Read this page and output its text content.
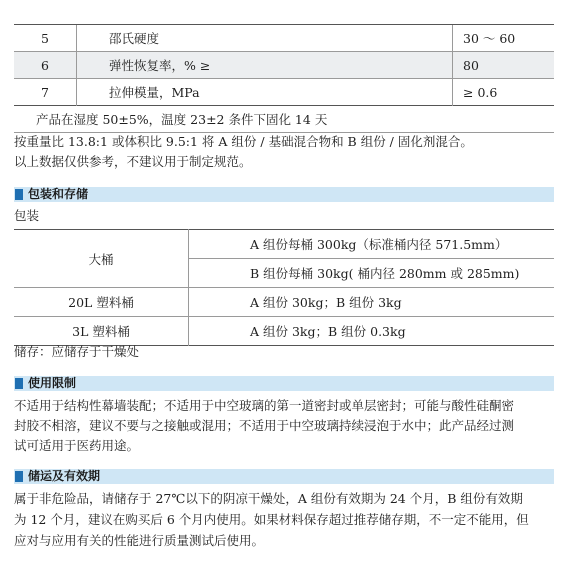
5	邵氏硬度	30 ～ 60
6	弹性恢复率，% ≥	80
7	拉伸模量，MPa	≥ 0.6
产品在湿度 50±5%，温度 23±2 条件下固化 14 天		

按重量比 13.8:1 或体积比 9.5:1 将 A 组份 / 基础混合物和 B 组份 / 固化剂混合。

以上数据仅供参考，不建议用于制定规范。

包装和存储

包装

大桶	A 组份每桶 300kg（标准桶内径 571.5mm）
	B 组份每桶 30kg( 桶内径 280mm 或 285mm)
20L 塑料桶	A 组份 30kg；B 组份 3kg
3L 塑料桶	A 组份 3kg；B 组份 0.3kg

储存：应储存于干燥处

使用限制

不适用于结构性幕墙装配；不适用于中空玻璃的第一道密封或单层密封；可能与酸性硅酮密

封胶不相溶，建议不要与之接触或混用；不适用于中空玻璃持续浸泡于水中；此产品经过测

试可适用于医药用途。

储运及有效期

属于非危险品，请储存于 27℃以下的阴凉干燥处，A 组份有效期为 24 个月，B 组份有效期

为 12 个月，建议在购买后 6 个月内使用。如果材料保存超过推荐储存期，不一定不能用，但

应对与应用有关的性能进行质量测试后使用。
